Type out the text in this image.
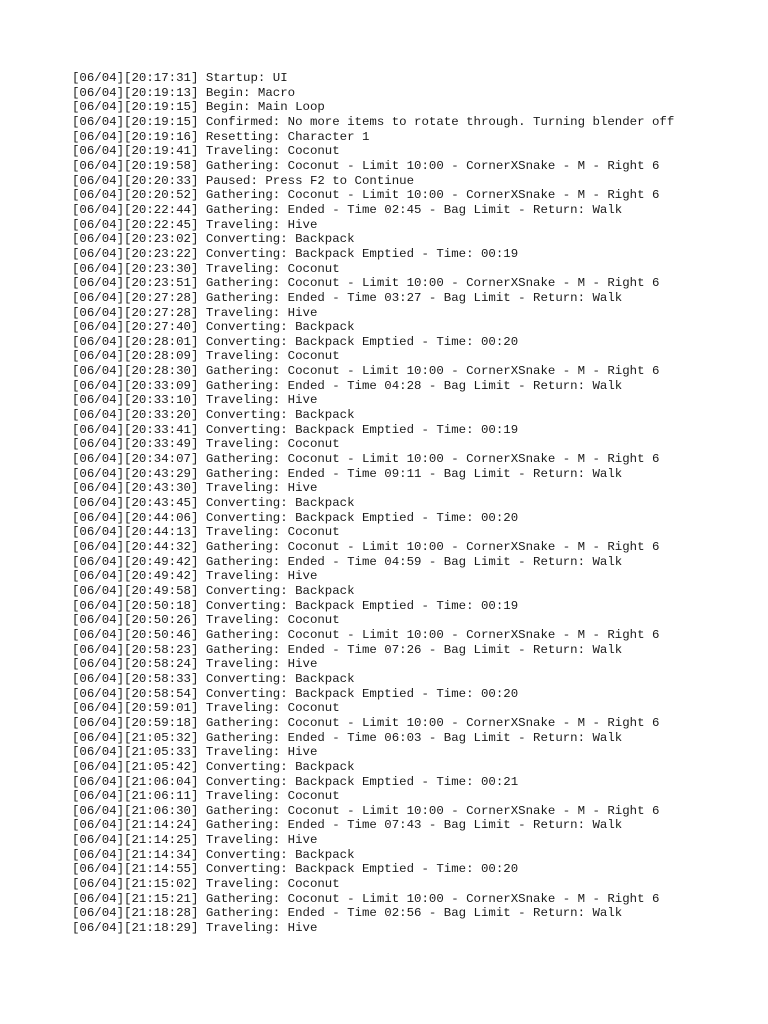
[06/04][20:17:31] Startup: UI
[06/04][20:19:13] Begin: Macro
[06/04][20:19:15] Begin: Main Loop
[06/04][20:19:15] Confirmed: No more items to rotate through. Turning blender off
[06/04][20:19:16] Resetting: Character 1
[06/04][20:19:41] Traveling: Coconut
[06/04][20:19:58] Gathering: Coconut - Limit 10:00 - CornerXSnake - M - Right 6
[06/04][20:20:33] Paused: Press F2 to Continue
[06/04][20:20:52] Gathering: Coconut - Limit 10:00 - CornerXSnake - M - Right 6
[06/04][20:22:44] Gathering: Ended - Time 02:45 - Bag Limit - Return: Walk
[06/04][20:22:45] Traveling: Hive
[06/04][20:23:02] Converting: Backpack
[06/04][20:23:22] Converting: Backpack Emptied - Time: 00:19
[06/04][20:23:30] Traveling: Coconut
[06/04][20:23:51] Gathering: Coconut - Limit 10:00 - CornerXSnake - M - Right 6
[06/04][20:27:28] Gathering: Ended - Time 03:27 - Bag Limit - Return: Walk
[06/04][20:27:28] Traveling: Hive
[06/04][20:27:40] Converting: Backpack
[06/04][20:28:01] Converting: Backpack Emptied - Time: 00:20
[06/04][20:28:09] Traveling: Coconut
[06/04][20:28:30] Gathering: Coconut - Limit 10:00 - CornerXSnake - M - Right 6
[06/04][20:33:09] Gathering: Ended - Time 04:28 - Bag Limit - Return: Walk
[06/04][20:33:10] Traveling: Hive
[06/04][20:33:20] Converting: Backpack
[06/04][20:33:41] Converting: Backpack Emptied - Time: 00:19
[06/04][20:33:49] Traveling: Coconut
[06/04][20:34:07] Gathering: Coconut - Limit 10:00 - CornerXSnake - M - Right 6
[06/04][20:43:29] Gathering: Ended - Time 09:11 - Bag Limit - Return: Walk
[06/04][20:43:30] Traveling: Hive
[06/04][20:43:45] Converting: Backpack
[06/04][20:44:06] Converting: Backpack Emptied - Time: 00:20
[06/04][20:44:13] Traveling: Coconut
[06/04][20:44:32] Gathering: Coconut - Limit 10:00 - CornerXSnake - M - Right 6
[06/04][20:49:42] Gathering: Ended - Time 04:59 - Bag Limit - Return: Walk
[06/04][20:49:42] Traveling: Hive
[06/04][20:49:58] Converting: Backpack
[06/04][20:50:18] Converting: Backpack Emptied - Time: 00:19
[06/04][20:50:26] Traveling: Coconut
[06/04][20:50:46] Gathering: Coconut - Limit 10:00 - CornerXSnake - M - Right 6
[06/04][20:58:23] Gathering: Ended - Time 07:26 - Bag Limit - Return: Walk
[06/04][20:58:24] Traveling: Hive
[06/04][20:58:33] Converting: Backpack
[06/04][20:58:54] Converting: Backpack Emptied - Time: 00:20
[06/04][20:59:01] Traveling: Coconut
[06/04][20:59:18] Gathering: Coconut - Limit 10:00 - CornerXSnake - M - Right 6
[06/04][21:05:32] Gathering: Ended - Time 06:03 - Bag Limit - Return: Walk
[06/04][21:05:33] Traveling: Hive
[06/04][21:05:42] Converting: Backpack
[06/04][21:06:04] Converting: Backpack Emptied - Time: 00:21
[06/04][21:06:11] Traveling: Coconut
[06/04][21:06:30] Gathering: Coconut - Limit 10:00 - CornerXSnake - M - Right 6
[06/04][21:14:24] Gathering: Ended - Time 07:43 - Bag Limit - Return: Walk
[06/04][21:14:25] Traveling: Hive
[06/04][21:14:34] Converting: Backpack
[06/04][21:14:55] Converting: Backpack Emptied - Time: 00:20
[06/04][21:15:02] Traveling: Coconut
[06/04][21:15:21] Gathering: Coconut - Limit 10:00 - CornerXSnake - M - Right 6
[06/04][21:18:28] Gathering: Ended - Time 02:56 - Bag Limit - Return: Walk
[06/04][21:18:29] Traveling: Hive
